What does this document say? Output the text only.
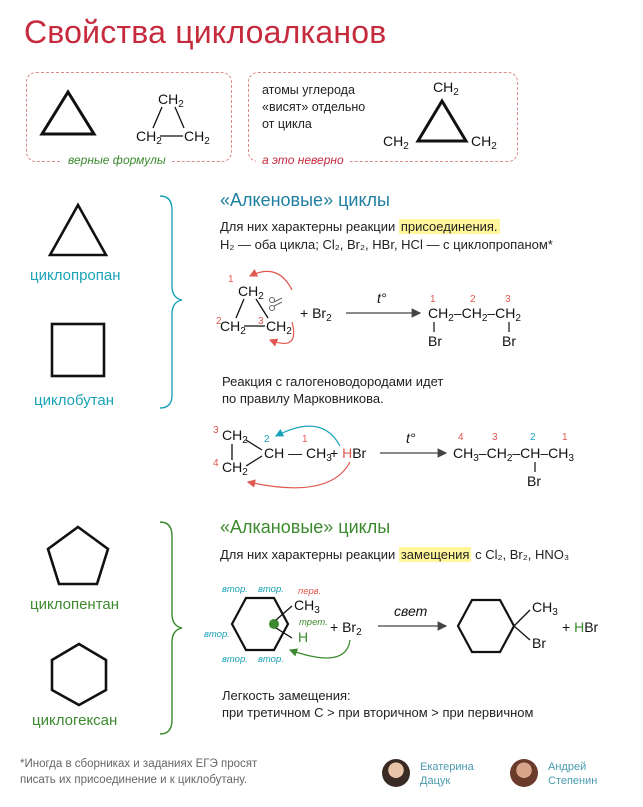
Свойства циклоалканов
верные формулы	а это неверно
атомы углерода
«висят» отдельно
от цикла
«Алкеновые» циклы
Для них характерны реакции присоединения.
H₂ — оба цикла; Cl₂, Br₂, HBr, HCl — с циклопропаном*
Реакция с галогеноводородами идет
по правилу Марковникова.
«Алкановые» циклы
Для них характерны реакции замещения с Cl₂, Br₂, HNO₃
Легкость замещения:
при третичном C > при вторичном > при первичном
циклопропан
циклобутан
циклопентан
циклогексан
$CH_2$
$CH_2$ $CH_2$
$CH_2$
$CH_2$	$CH_2$
1
$CH_2$
2
$CH_2$
3 $CH_2$
+ $Br_2$
t°	1	2	3
$CH_2-CH_2-CH_2$
Br	Br
3 $CH_2$
4 $CH_2$
2
CH — $CH_3$
1
+ HBr
t°	4	3	2	1
$CH_3-CH_2-CH-CH_3$
Br
$CH_3$
H
втор. втор. перв.
трет.
втор.
втор. втор.
+ $Br_2$
свет	$CH_3$
Br
+ HBr
*Иногда в сборниках и заданиях ЕГЭ просят
писать их присоединение и к циклобутану.
Екатерина
Дацук
Андрей
Степенин
